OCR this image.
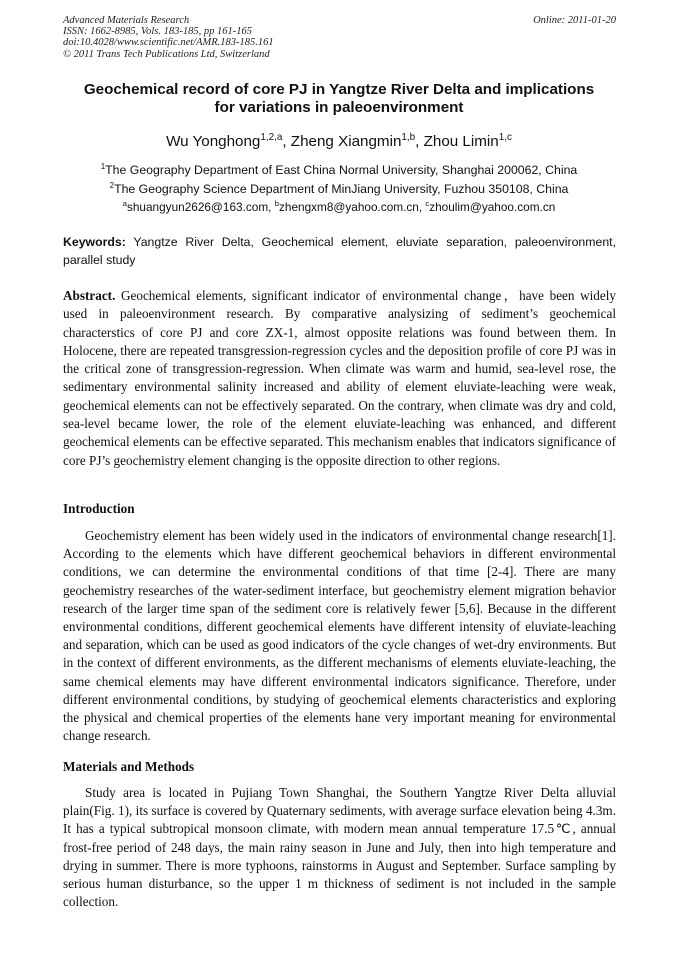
Advanced Materials Research
ISSN: 1662-8985, Vols. 183-185, pp 161-165
doi:10.4028/www.scientific.net/AMR.183-185.161
© 2011 Trans Tech Publications Ltd, Switzerland
Online: 2011-01-20
Geochemical record of core PJ in Yangtze River Delta and implications
for variations in paleoenvironment
Wu Yonghong$^{1,2,a}$, Zheng Xiangmin$^{1,b}$, Zhou Limin$^{1,c}$
$^1$The Geography Department of East China Normal University, Shanghai 200062, China
$^2$The Geography Science Department of MinJiang University, Fuzhou 350108, China
$^a$shuangyun2626@163.com, $^b$zhengxm8@yahoo.com.cn, $^c$zhoulim@yahoo.com.cn
Keywords: Yangtze River Delta, Geochemical element, eluviate separation, paleoenvironment, parallel study
Abstract. Geochemical elements, significant indicator of environmental change，have been widely used in paleoenvironment research. By comparative analysizing of sediment’s geochemical characterstics of core PJ and core ZX-1, almost opposite relations was found between them. In Holocene, there are repeated transgression-regression cycles and the deposition profile of core PJ was in the critical zone of transgression-regression. When climate was warm and humid, sea-level rose, the sedimentary environmental salinity increased and ability of element eluviate-leaching were weak, geochemical elements can not be effectively separated. On the contrary, when climate was dry and cold, sea-level became lower, the role of the element eluviate-leaching was enhanced, and different geochemical elements can be effective separated. This mechanism enables that indicators significance of core PJ’s geochemistry element changing is the opposite direction to other regions.
Introduction
Geochemistry element has been widely used in the indicators of environmental change research[1]. According to the elements which have different geochemical behaviors in different environmental conditions, we can determine the environmental conditions of that time [2-4]. There are many geochemistry researches of the water-sediment interface, but geochemistry element migration behavior research of the larger time span of the sediment core is relatively fewer [5,6]. Because in the different environmental conditions, different geochemical elements have different intensity of eluviate-leaching and separation, which can be used as good indicators of the cycle changes of wet-dry environments. But in the context of different environments, as the different mechanisms of elements eluviate-leaching, the same chemical elements may have different environmental indicators significance. Therefore, under different environmental conditions, by studying of geochemical elements characteristics and exploring the physical and chemical properties of the elements hane very important meaning for environmental change research.
Materials and Methods
Study area is located in Pujiang Town Shanghai, the Southern Yangtze River Delta alluvial plain(Fig. 1), its surface is covered by Quaternary sediments, with average surface elevation being 4.3m. It has a typical subtropical monsoon climate, with modern mean annual temperature 17.5℃, annual frost-free period of 248 days, the main rainy season in June and July, then into high temperature and drying in summer. There is more typhoons, rainstorms in August and September. Surface sampling by serious human disturbance, so the upper 1 m thickness of sediment is not included in the sample collection.
